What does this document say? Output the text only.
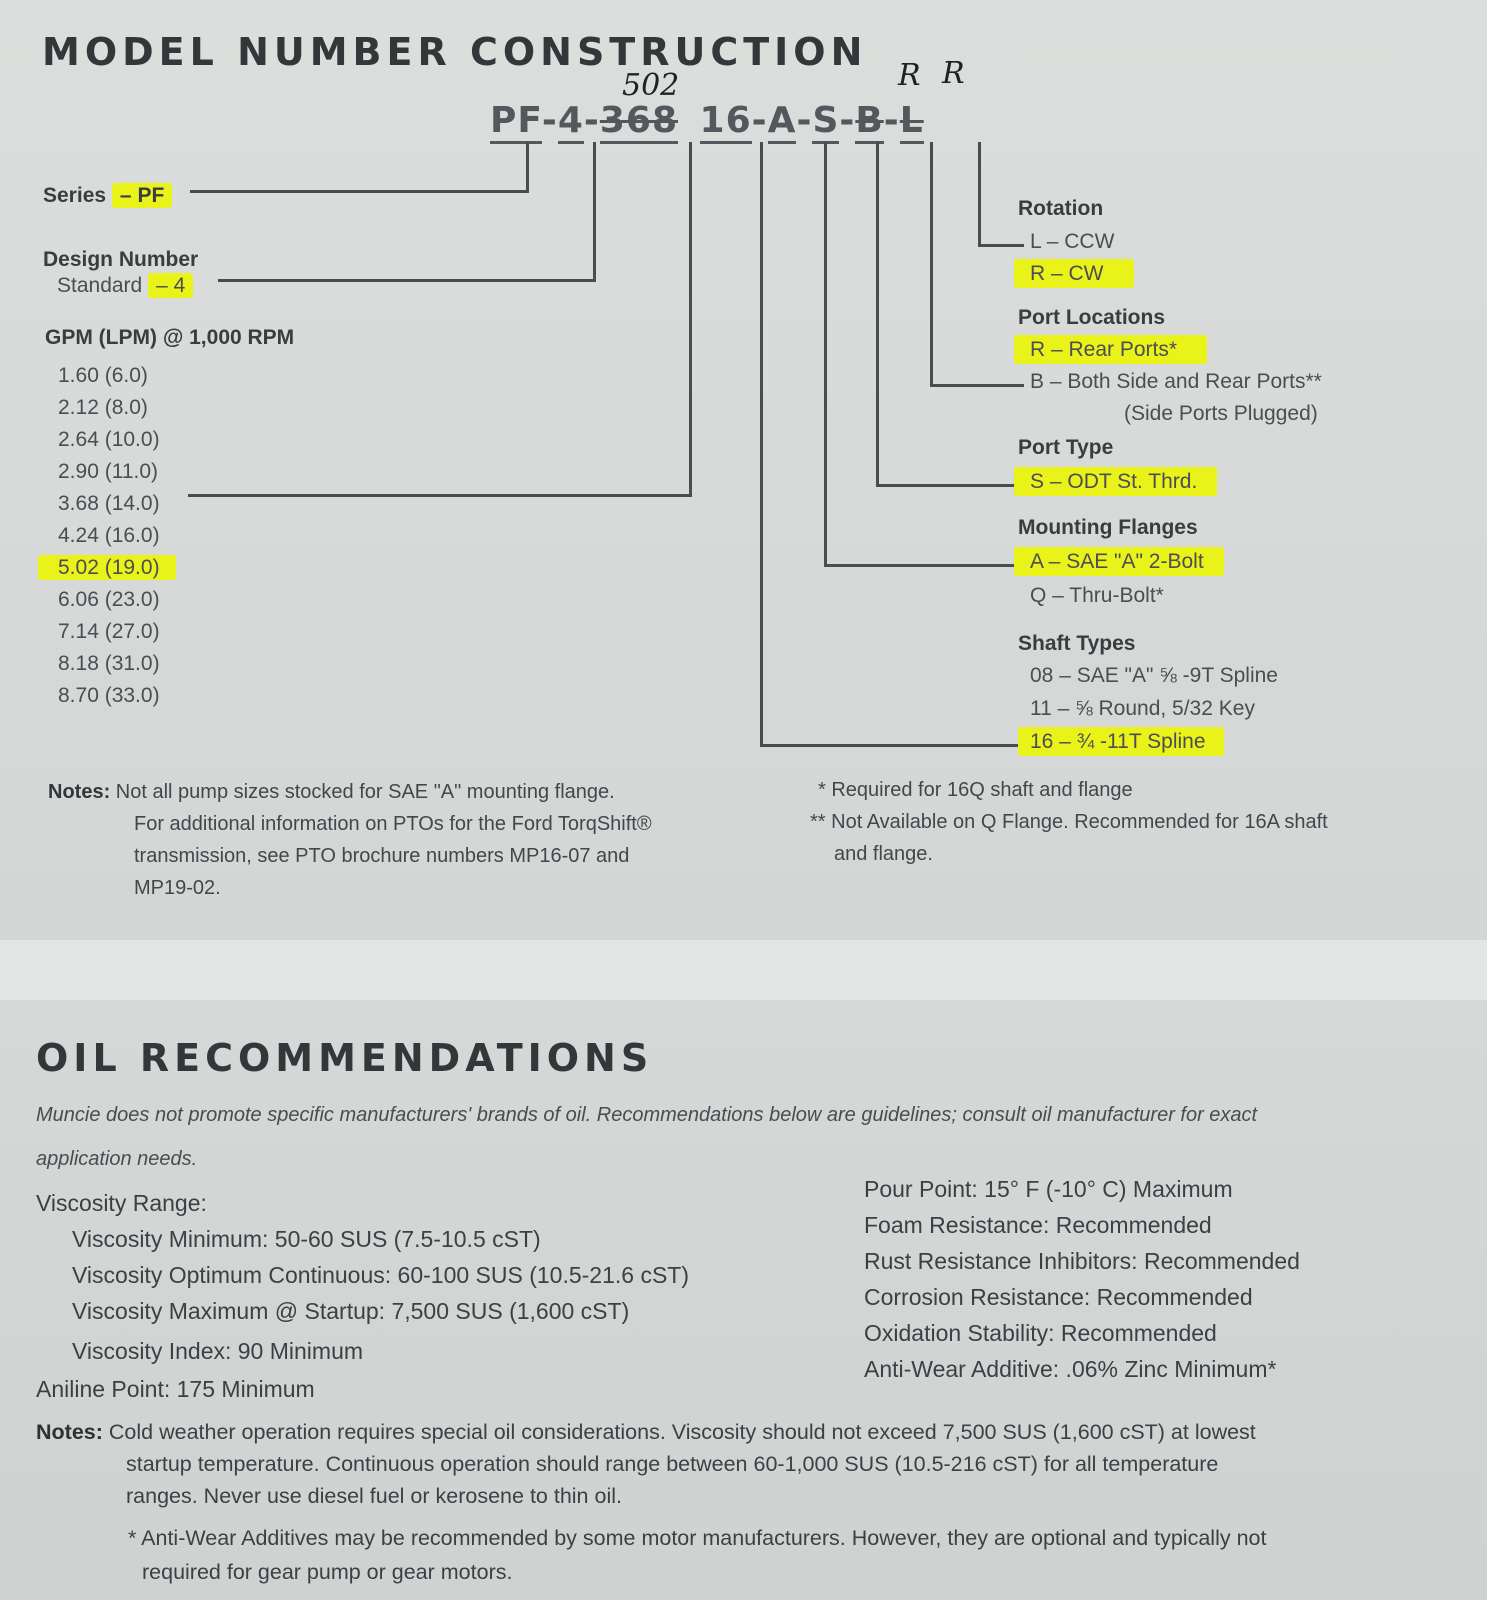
MODEL NUMBER CONSTRUCTION
502	R R
PF-4-368 16-A-S-B-L
Series – PF
Design Number
Standard – 4
GPM (LPM) @ 1,000 RPM
1.60 (6.0)
2.12 (8.0)
2.64 (10.0)
2.90 (11.0)
3.68 (14.0)
4.24 (16.0)
5.02 (19.0)
6.06 (23.0)
7.14 (27.0)
8.18 (31.0)
8.70 (33.0)
Rotation
L – CCW
R – CW
Port Locations
R – Rear Ports*
B – Both Side and Rear Ports**
(Side Ports Plugged)
Port Type
S – ODT St. Thrd.
Mounting Flanges
A – SAE "A" 2-Bolt
Q – Thru-Bolt*
Shaft Types
08 – SAE "A" ⅝ -9T Spline
11 – ⅝ Round, 5/32 Key
16 – ¾ -11T Spline
Notes: Not all pump sizes stocked for SAE "A" mounting flange.
For additional information on PTOs for the Ford TorqShift®
transmission, see PTO brochure numbers MP16-07 and
MP19-02.
* Required for 16Q shaft and flange
** Not Available on Q Flange. Recommended for 16A shaft
and flange.
OIL RECOMMENDATIONS
Muncie does not promote specific manufacturers' brands of oil. Recommendations below are guidelines; consult oil manufacturer for exact
application needs.
Viscosity Range:
Viscosity Minimum: 50-60 SUS (7.5-10.5 cST)
Viscosity Optimum Continuous: 60-100 SUS (10.5-21.6 cST)
Viscosity Maximum @ Startup: 7,500 SUS (1,600 cST)
Viscosity Index: 90 Minimum
Aniline Point: 175 Minimum
Pour Point: 15° F (-10° C) Maximum
Foam Resistance: Recommended
Rust Resistance Inhibitors: Recommended
Corrosion Resistance: Recommended
Oxidation Stability: Recommended
Anti-Wear Additive: .06% Zinc Minimum*
Notes: Cold weather operation requires special oil considerations. Viscosity should not exceed 7,500 SUS (1,600 cST) at lowest
startup temperature. Continuous operation should range between 60-1,000 SUS (10.5-216 cST) for all temperature
ranges. Never use diesel fuel or kerosene to thin oil.
* Anti-Wear Additives may be recommended by some motor manufacturers. However, they are optional and typically not
required for gear pump or gear motors.
